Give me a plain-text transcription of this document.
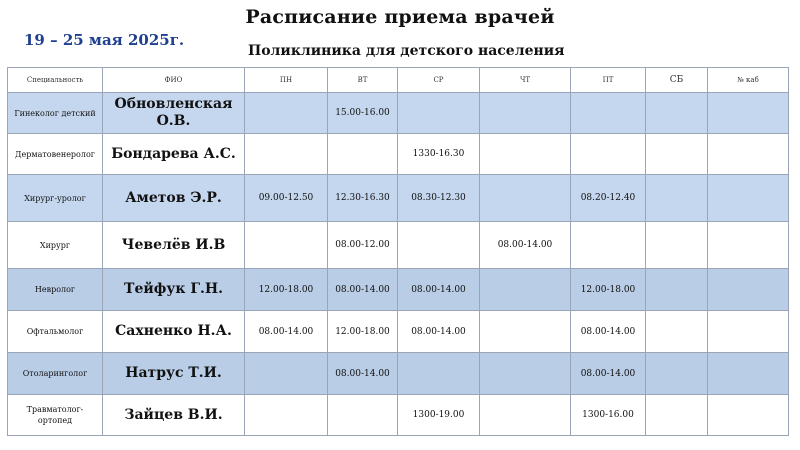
Расписание приема врачей
19 – 25 мая 2025г.
Поликлиника для детского населения
Специальность	ФИО	ПН	ВТ	СР	ЧТ	ПТ	СБ	№ каб
Гинеколог детский	Обновленская О.В.		15.00-16.00					
Дерматовенеролог	Бондарева А.С.			1330-16.30				
Хирург-уролог	Аметов Э.Р.	09.00-12.50	12.30-16.30	08.30-12.30		08.20-12.40		
Хирург	Чевелёв И.В		08.00-12.00		08.00-14.00			
Невролог	Тейфук Г.Н.	12.00-18.00	08.00-14.00	08.00-14.00		12.00-18.00		
Офтальмолог	Сахненко Н.А.	08.00-14.00	12.00-18.00	08.00-14.00		08.00-14.00		
Отоларинголог	Натрус Т.И.		08.00-14.00			08.00-14.00		
Травматолог-ортопед	Зайцев В.И.			1300-19.00		1300-16.00		
